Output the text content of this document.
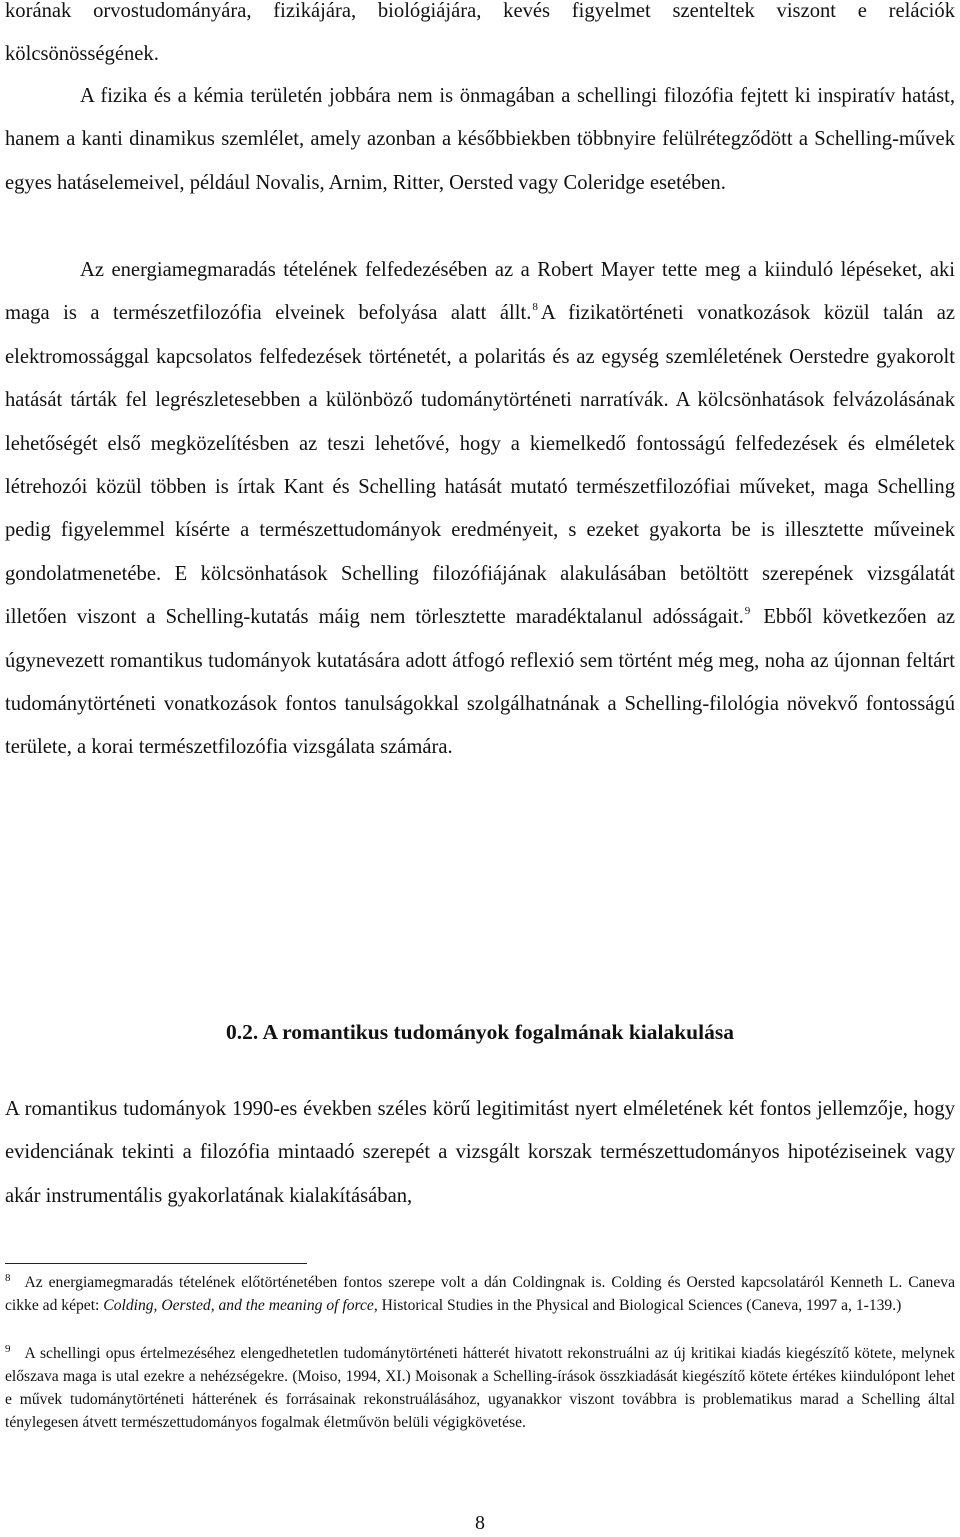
korának orvostudományára, fizikájára, biológiájára, kevés figyelmet szenteltek viszont e relációk kölcsönösségének.

A fizika és a kémia területén jobbára nem is önmagában a schellingi filozófia fejtett ki inspiratív hatást, hanem a kanti dinamikus szemlélet, amely azonban a későbbiekben többnyire felülrétegződött a Schelling-művek egyes hatáselemeivel, például Novalis, Arnim, Ritter, Oersted vagy Coleridge esetében.

Az energiamegmaradás tételének felfedezésében az a Robert Mayer tette meg a kiinduló lépéseket, aki maga is a természetfilozófia elveinek befolyása alatt állt.$^8$ A fizikatörténeti vonatkozások közül talán az elektromossággal kapcsolatos felfedezések történetét, a polaritás és az egység szemléletének Oerstedre gyakorolt hatását tárták fel legrészletesebben a különböző tudománytörténeti narratívák. A kölcsönhatások felvázolásának lehetőségét első megközelítésben az teszi lehetővé, hogy a kiemelkedő fontosságú felfedezések és elméletek létrehozói közül többen is írtak Kant és Schelling hatását mutató természetfilozófiai műveket, maga Schelling pedig figyelemmel kísérte a természettudományok eredményeit, s ezeket gyakorta be is illesztette műveinek gondolatmenetébe. E kölcsönhatások Schelling filozófiájának alakulásában betöltött szerepének vizsgálatát illetően viszont a Schelling-kutatás máig nem törlesztette maradéktalanul adósságait.$^9$ Ebből következően az úgynevezett romantikus tudományok kutatására adott átfogó reflexió sem történt még meg, noha az újonnan feltárt tudománytörténeti vonatkozások fontos tanulságokkal szolgálhatnának a Schelling-filológia növekvő fontosságú területe, a korai természetfilozófia vizsgálata számára.

0.2. A romantikus tudományok fogalmának kialakulása

A romantikus tudományok 1990-es években széles körű legitimitást nyert elméletének két fontos jellemzője, hogy evidenciának tekinti a filozófia mintaadó szerepét a vizsgált korszak természettudományos hipotéziseinek vagy akár instrumentális gyakorlatának kialakításában,

$^8$ Az energiamegmaradás tételének előtörténetében fontos szerepe volt a dán Coldingnak is. Colding és Oersted kapcsolatáról Kenneth L. Caneva cikke ad képet: Colding, Oersted, and the meaning of force, Historical Studies in the Physical and Biological Sciences (Caneva, 1997 a, 1-139.)

$^9$ A schellingi opus értelmezéséhez elengedhetetlen tudománytörténeti hátterét hivatott rekonstruálni az új kritikai kiadás kiegészítő kötete, melynek előszava maga is utal ezekre a nehézségekre. (Moiso, 1994, XI.) Moisonak a Schelling-írások összkiadását kiegészítő kötete értékes kiindulópont lehet e művek tudománytörténeti hátterének és forrásainak rekonstruálásához, ugyanakkor viszont továbbra is problematikus marad a Schelling által ténylegesen átvett természettudományos fogalmak életművön belüli végigkövetése.

8
